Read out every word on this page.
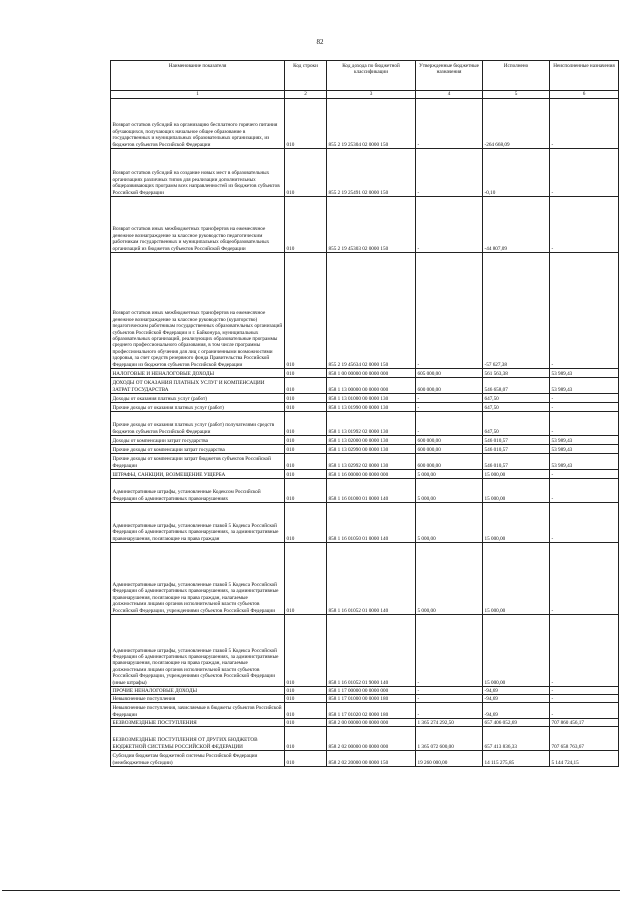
82
Наименование показателя	Код строки	Код дохода по бюджетной классификации	Утвержденные бюджетные назначения	Исполнено	Неисполненные назначения
1	2	3	4	5	6
Возврат остатков субсидий на организацию бесплатного горячего питания обучающихся, получающих начальное общее образование в государственных и муниципальных образовательных организациях, из бюджетов субъектов Российской Федерации	010	855 2 19 25304 02 0000 150	-	-264 668,09	-
Возврат остатков субсидий на создание новых мест в образовательных организациях различных типов для реализации дополнительных общеразвивающих программ всех направленностей из бюджетов субъектов Российской Федерации	010	855 2 19 25491 02 0000 150	-	-0,10	-
Возврат остатков иных межбюджетных трансфертов на ежемесячное денежное вознаграждение за классное руководство педагогическим работникам государственных и муниципальных общеобразовательных организаций из бюджетов субъектов Российской Федерации	010	855 2 19 45303 02 0000 150	-	-44 807,09	-
Возврат остатков иных межбюджетных трансфертов на ежемесячное денежное вознаграждение за классное руководство (кураторство) педагогическим работникам государственных образовательных организаций субъектов Российской Федерации и г. Байконура, муниципальных образовательных организаций, реализующих образовательные программы среднего профессионального образования, в том числе программы профессионального обучения для лиц с ограниченными возможностями здоровья, за счет средств резервного фонда Правительства Российской Федерации из бюджетов субъектов Российской Федерации	010	855 2 19 45634 02 0000 150	-	-57 627,38	-
НАЛОГОВЫЕ И НЕНАЛОГОВЫЕ ДОХОДЫ	010	858 1 00 00000 00 0000 000	605 000,00	561 563,38	53 989,43
ДОХОДЫ ОТ ОКАЗАНИЯ ПЛАТНЫХ УСЛУГ И КОМПЕНСАЦИИ ЗАТРАТ ГОСУДАРСТВА	010	858 1 13 00000 00 0000 000	600 000,00	546 658,07	53 989,43
Доходы от оказания платных услуг (работ)	010	858 1 13 01000 00 0000 130	-	647,50	-
Прочие доходы от оказания платных услуг (работ)	010	858 1 13 01990 00 0000 130	-	647,50	-
Прочие доходы от оказания платных услуг (работ) получателями средств бюджетов субъектов Российской Федерации	010	858 1 13 01992 02 0000 130	-	647,50	-
Доходы от компенсации затрат государства	010	858 1 13 02000 00 0000 130	600 000,00	546 010,57	53 989,43
Прочие доходы от компенсации затрат государства	010	858 1 13 02990 00 0000 130	600 000,00	546 010,57	53 989,43
Прочие доходы от компенсации затрат бюджетов субъектов Российской Федерации	010	858 1 13 02992 02 0000 130	600 000,00	546 010,57	53 989,43
ШТРАФЫ, САНКЦИИ, ВОЗМЕЩЕНИЕ УЩЕРБА	010	858 1 16 00000 00 0000 000	5 000,00	15 000,00	-
Административные штрафы, установленные Кодексом Российской Федерации об административных правонарушениях	010	858 1 16 01000 01 0000 140	5 000,00	15 000,00	-
Административные штрафы, установленные главой 5 Кодекса Российской Федерации об административных правонарушениях, за административные правонарушения, посягающие на права граждан	010	858 1 16 01050 01 0000 140	5 000,00	15 000,00	-
Административные штрафы, установленные главой 5 Кодекса Российской Федерации об административных правонарушениях, за административные правонарушения, посягающие на права граждан, налагаемые должностными лицами органов исполнительной власти субъектов Российской Федерации, учреждениями субъектов Российской Федерации	010	858 1 16 01052 01 0000 140	5 000,00	15 000,00	-
Административные штрафы, установленные главой 5 Кодекса Российской Федерации об административных правонарушениях, за административные правонарушения, посягающие на права граждан, налагаемые должностными лицами органов исполнительной власти субъектов Российской Федерации, учреждениями субъектов Российской Федерации (иные штрафы)	010	858 1 16 01052 01 9000 140	-	15 000,00	-
ПРОЧИЕ НЕНАЛОГОВЫЕ ДОХОДЫ	010	858 1 17 00000 00 0000 000	-	-94,69	-
Невыясненные поступления	010	858 1 17 01000 00 0000 180	-	-94,69	-
Невыясненные поступления, зачисляемые в бюджеты субъектов Российской Федерации	010	858 1 17 01020 02 0000 180	-	-94,69	-
БЕЗВОЗМЕЗДНЫЕ ПОСТУПЛЕНИЯ	010	858 2 00 00000 00 0000 000	1 365 274 292,50	657 406 052,69	707 860 456,17
БЕЗВОЗМЕЗДНЫЕ ПОСТУПЛЕНИЯ ОТ ДРУГИХ БЮДЖЕТОВ БЮДЖЕТНОЙ СИСТЕМЫ РОССИЙСКОЙ ФЕДЕРАЦИИ	010	858 2 02 00000 00 0000 000	1 365 072 600,00	657 413 836,33	707 658 763,67
Субсидии бюджетам бюджетной системы Российской Федерации (межбюджетные субсидии)	010	858 2 02 20000 00 0000 150	19 260 000,00	14 115 275,85	5 144 724,15
